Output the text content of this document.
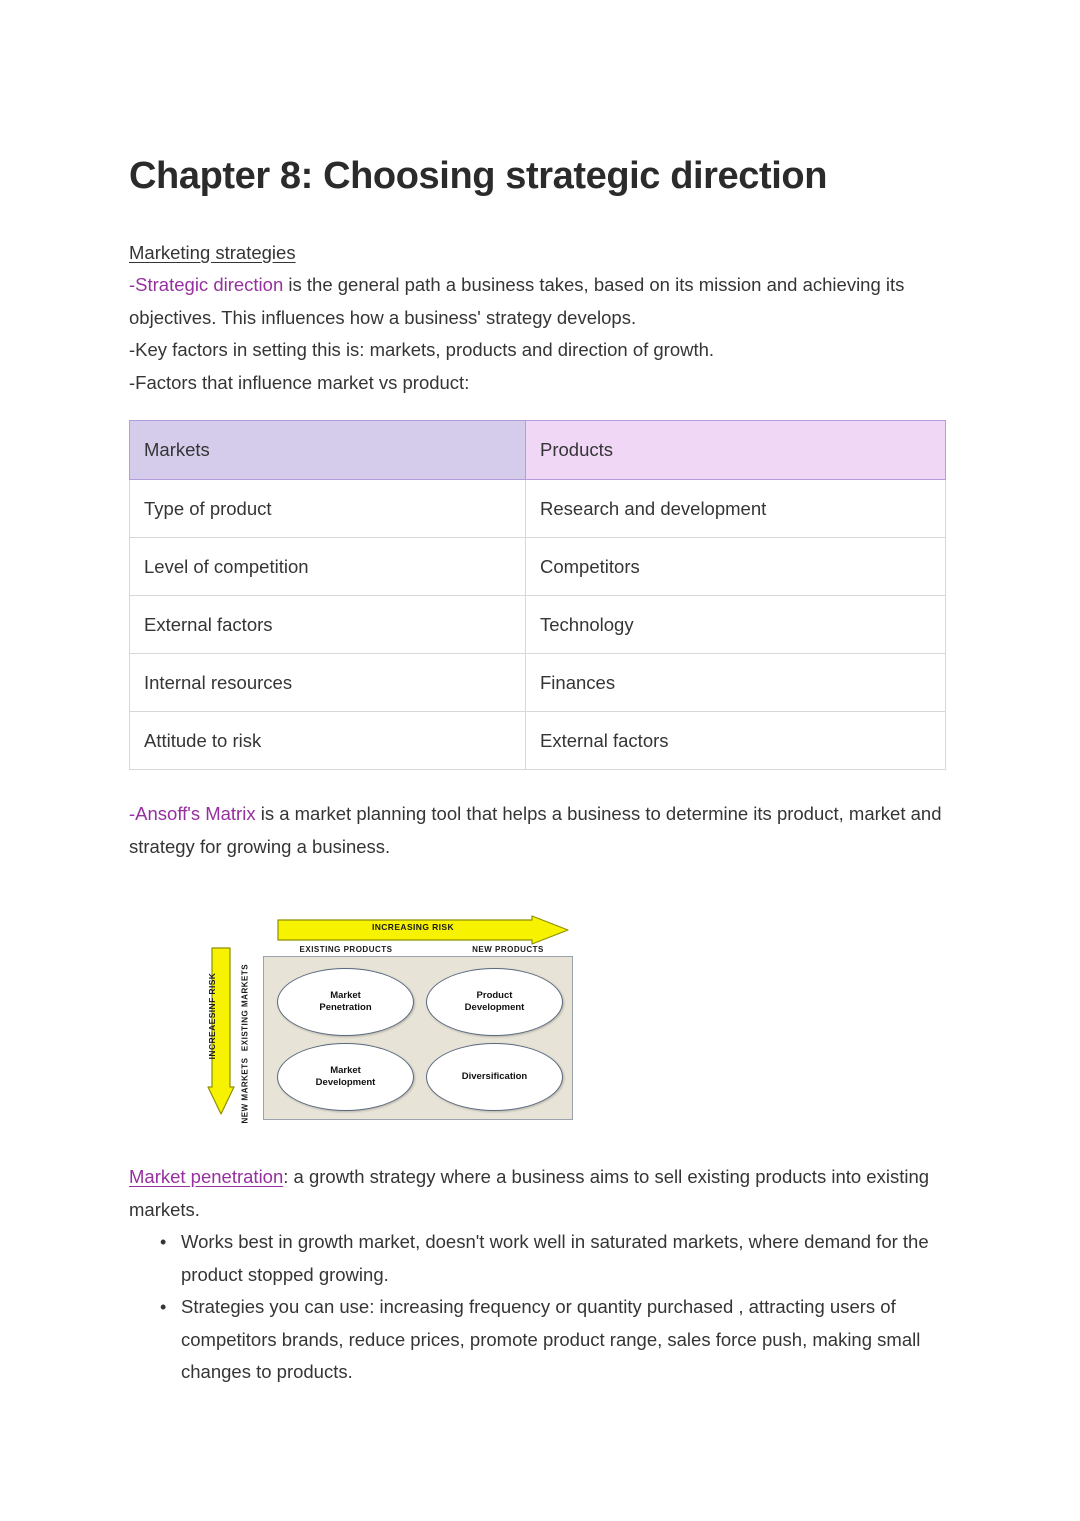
Chapter 8: Choosing strategic direction
Marketing strategies
-Strategic direction is the general path a business takes, based on its mission and achieving its objectives. This influences how a business' strategy develops.
-Key factors in setting this is: markets, products and direction of growth.
-Factors that influence market vs product:
Markets	Products
Type of product	Research and development
Level of competition	Competitors
External factors	Technology
Internal resources	Finances
Attitude to risk	External factors
-Ansoff's Matrix is a market planning tool that helps a business to determine its product, market and strategy for growing a business.
INCREASING RISK
INCREAESINF RISK
EXISTING PRODUCTS	NEW PRODUCTS
EXISTING MARKETS
NEW MARKETS
Market
Penetration
Product
Development
Market
Development
Diversification
Market penetration: a growth strategy where a business aims to sell existing products into existing markets.
• Works best in growth market, doesn't work well in saturated markets, where demand for the product stopped growing.
• Strategies you can use: increasing frequency or quantity purchased , attracting users of competitors brands, reduce prices, promote product range, sales force push, making small changes to products.
